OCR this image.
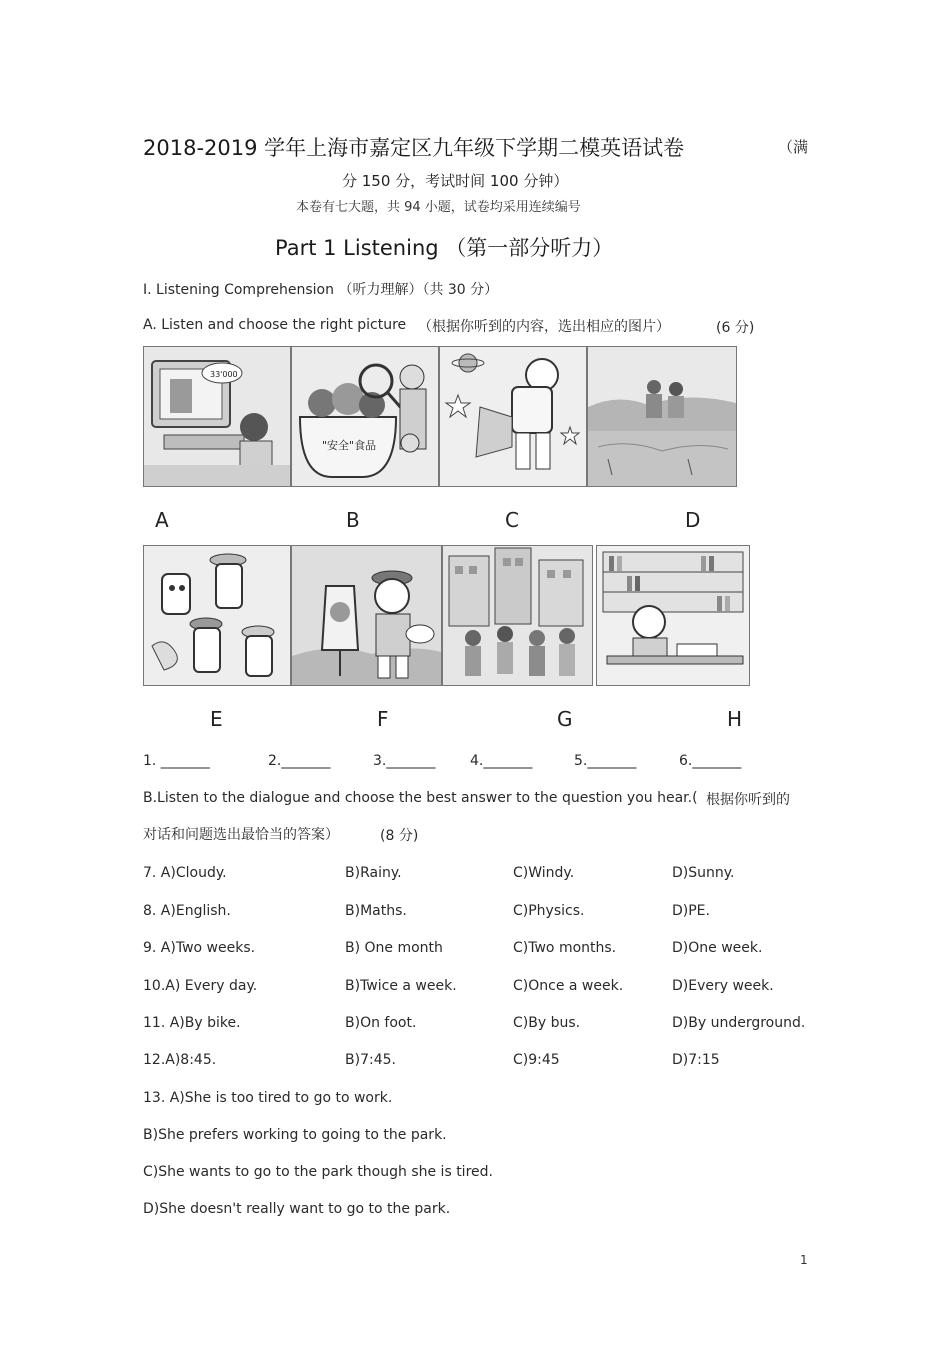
2018-2019 学年上海市嘉定区九年级下学期二模英语试卷	（满
分 150 分，考试时间 100 分钟）
本卷有七大题，共 94 小题，试卷均采用连续编号
Part 1 Listening （第一部分听力）
I. Listening Comprehension （听力理解）（共 30 分）
A. Listen and choose the right picture （根据你听到的内容，选出相应的图片）	(6 分)
33'000
"安全"食品
A	B	C	D
E	F	G	H
1. _______	2._______	3._______ 4._______	5._______	6._______
B.Listen to the dialogue and choose the best answer to the question you hear.( 根据你听到的
对话和问题选出最恰当的答案）	(8 分)
7. A)Cloudy.	B)Rainy.	C)Windy.	D)Sunny.
8. A)English.	B)Maths.	C)Physics.	D)PE.
9. A)Two weeks.	B) One month	C)Two months.	D)One week.
10.A) Every day.	B)Twice a week.	C)Once a week.	D)Every week.
11. A)By bike.	B)On foot.	C)By bus.	D)By underground.
12.A)8:45.	B)7:45.	C)9:45	D)7:15
13. A)She is too tired to go to work.
B)She prefers working to going to the park.
C)She wants to go to the park though she is tired.
D)She doesn't really want to go to the park.
1
